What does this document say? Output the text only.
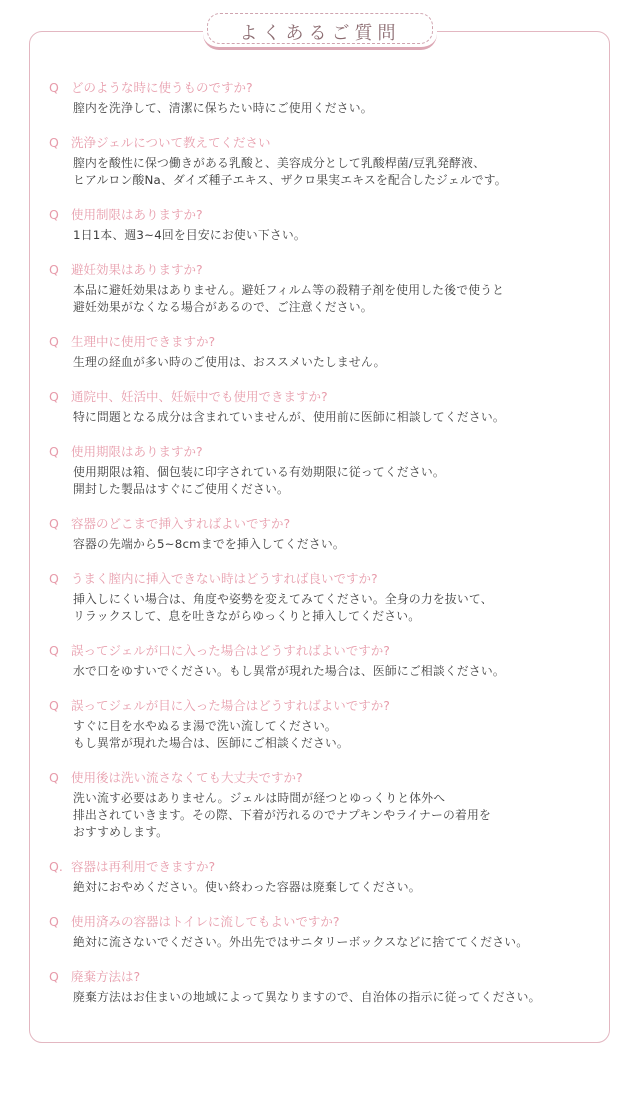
よくあるご質問
Q どのような時に使うものですか?
膣内を洗浄して、清潔に保ちたい時にご使用ください。
Q 洗浄ジェルについて教えてください
膣内を酸性に保つ働きがある乳酸と、美容成分として乳酸桿菌/豆乳発酵液、
ヒアルロン酸Na、ダイズ種子エキス、ザクロ果実エキスを配合したジェルです。
Q 使用制限はありますか?
1日1本、週3~4回を目安にお使い下さい。
Q 避妊効果はありますか?
本品に避妊効果はありません。避妊フィルム等の殺精子剤を使用した後で使うと
避妊効果がなくなる場合があるので、ご注意ください。
Q 生理中に使用できますか?
生理の経血が多い時のご使用は、おススメいたしません。
Q 通院中、妊活中、妊娠中でも使用できますか?
特に問題となる成分は含まれていませんが、使用前に医師に相談してください。
Q 使用期限はありますか?
使用期限は箱、個包装に印字されている有効期限に従ってください。
開封した製品はすぐにご使用ください。
Q 容器のどこまで挿入すればよいですか?
容器の先端から5~8cmまでを挿入してください。
Q うまく膣内に挿入できない時はどうすれば良いですか?
挿入しにくい場合は、角度や姿勢を変えてみてください。全身の力を抜いて、
リラックスして、息を吐きながらゆっくりと挿入してください。
Q 誤ってジェルが口に入った場合はどうすればよいですか?
水で口をゆすいでください。もし異常が現れた場合は、医師にご相談ください。
Q 誤ってジェルが目に入った場合はどうすればよいですか?
すぐに目を水やぬるま湯で洗い流してください。
もし異常が現れた場合は、医師にご相談ください。
Q 使用後は洗い流さなくても大丈夫ですか?
洗い流す必要はありません。ジェルは時間が経つとゆっくりと体外へ
排出されていきます。その際、下着が汚れるのでナプキンやライナーの着用を
おすすめします。
Q. 容器は再利用できますか?
絶対におやめください。使い終わった容器は廃棄してください。
Q 使用済みの容器はトイレに流してもよいですか?
絶対に流さないでください。外出先ではサニタリーボックスなどに捨ててください。
Q 廃棄方法は?
廃棄方法はお住まいの地域によって異なりますので、自治体の指示に従ってください。
